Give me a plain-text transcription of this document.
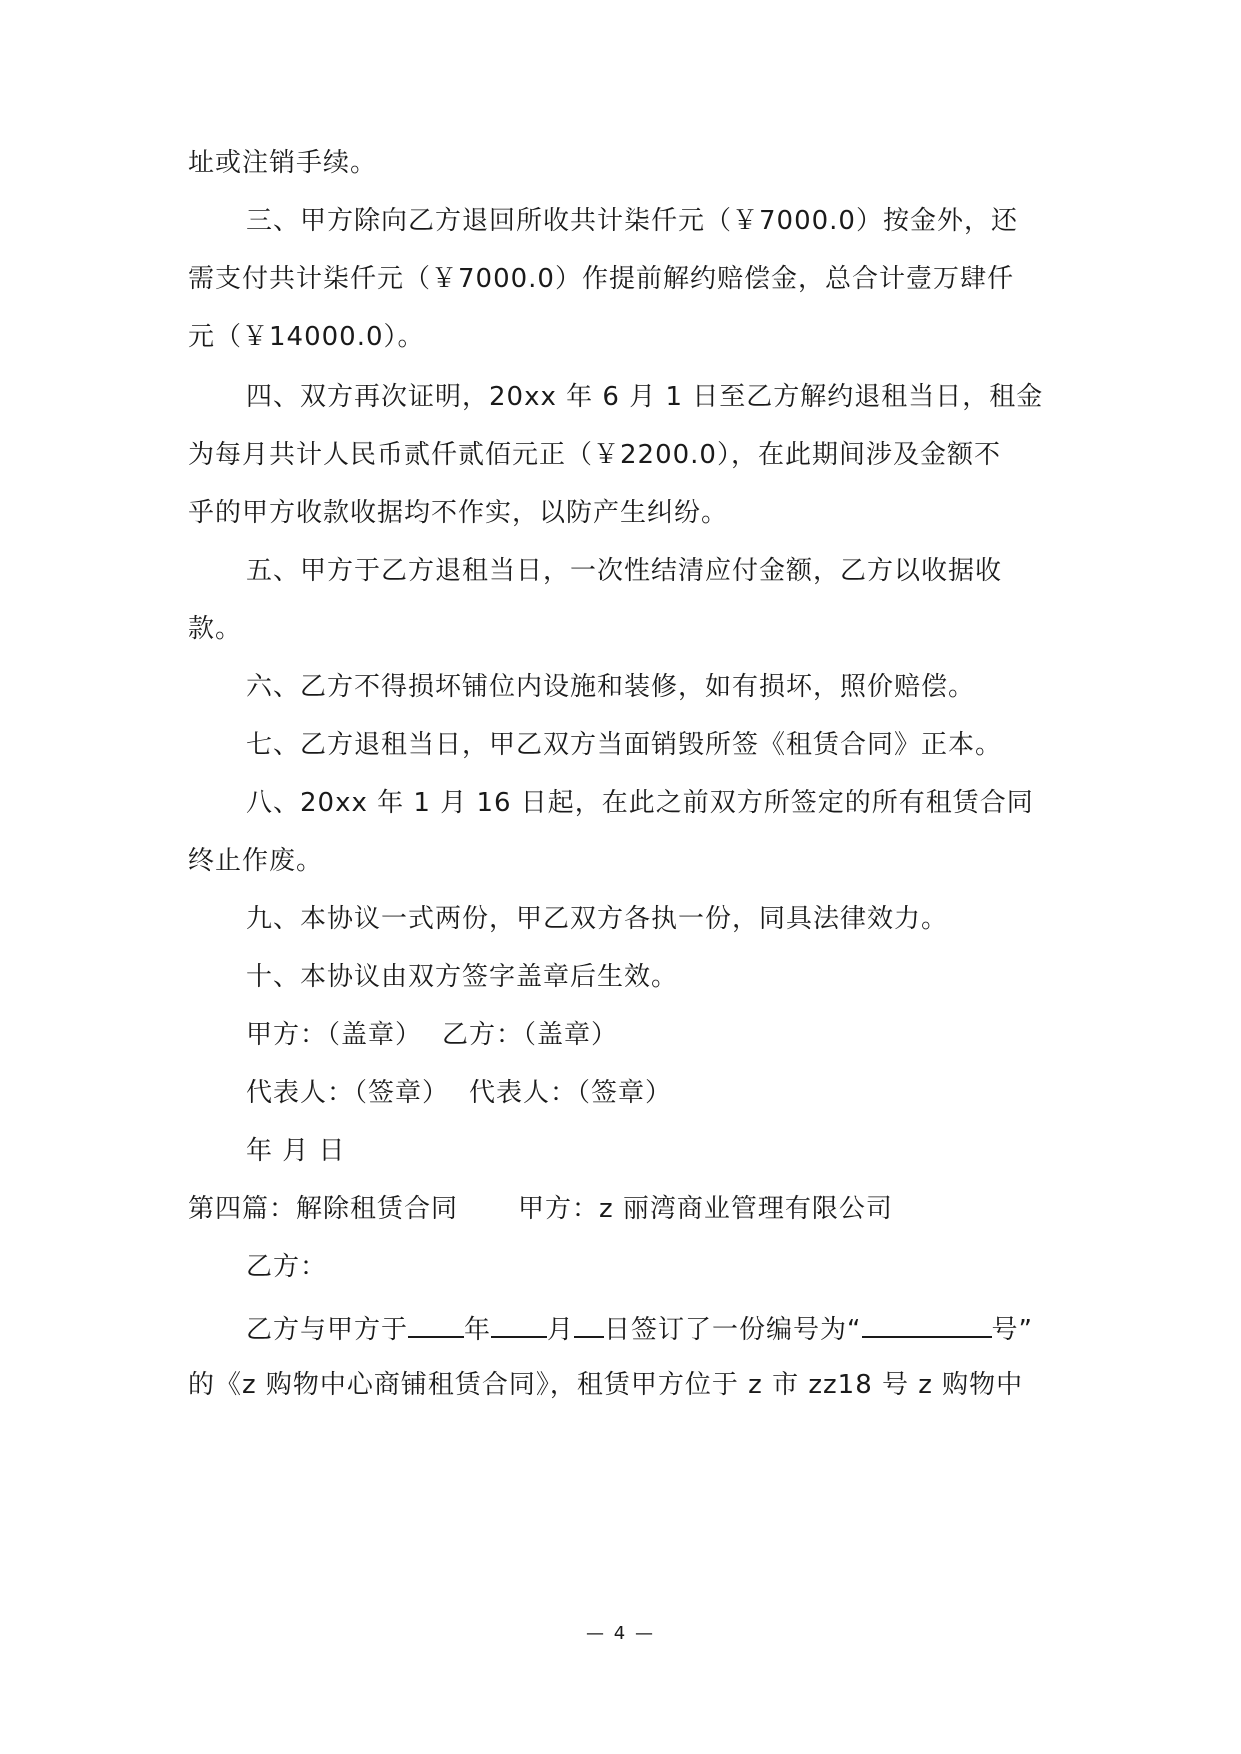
址或注销手续。
三、甲方除向乙方退回所收共计柒仟元（￥7000.0）按金外，还
需支付共计柒仟元（￥7000.0）作提前解约赔偿金，总合计壹万肆仟
元（￥14000.0）。
四、双方再次证明，20xx 年 6 月 1 日至乙方解约退租当日，租金
为每月共计人民币贰仟贰佰元正（￥2200.0），在此期间涉及金额不
乎的甲方收款收据均不作实，以防产生纠纷。
五、甲方于乙方退租当日，一次性结清应付金额，乙方以收据收
款。
六、乙方不得损坏铺位内设施和装修，如有损坏，照价赔偿。
七、乙方退租当日，甲乙双方当面销毁所签《租赁合同》正本。
八、20xx 年 1 月 16 日起，在此之前双方所签定的所有租赁合同
终止作废。
九、本协议一式两份，甲乙双方各执一份，同具法律效力。
十、本协议由双方签字盖章后生效。
甲方：（盖章） 乙方：（盖章）
代表人：（签章） 代表人：（签章）
年 月 日
第四篇：解除租赁合同 甲方：z 丽湾商业管理有限公司
乙方：
乙方与甲方于 年 月 日签订了一份编号为“	号”
的《z 购物中心商铺租赁合同》，租赁甲方位于 z 市 zz18 号 z 购物中
— 4 —
